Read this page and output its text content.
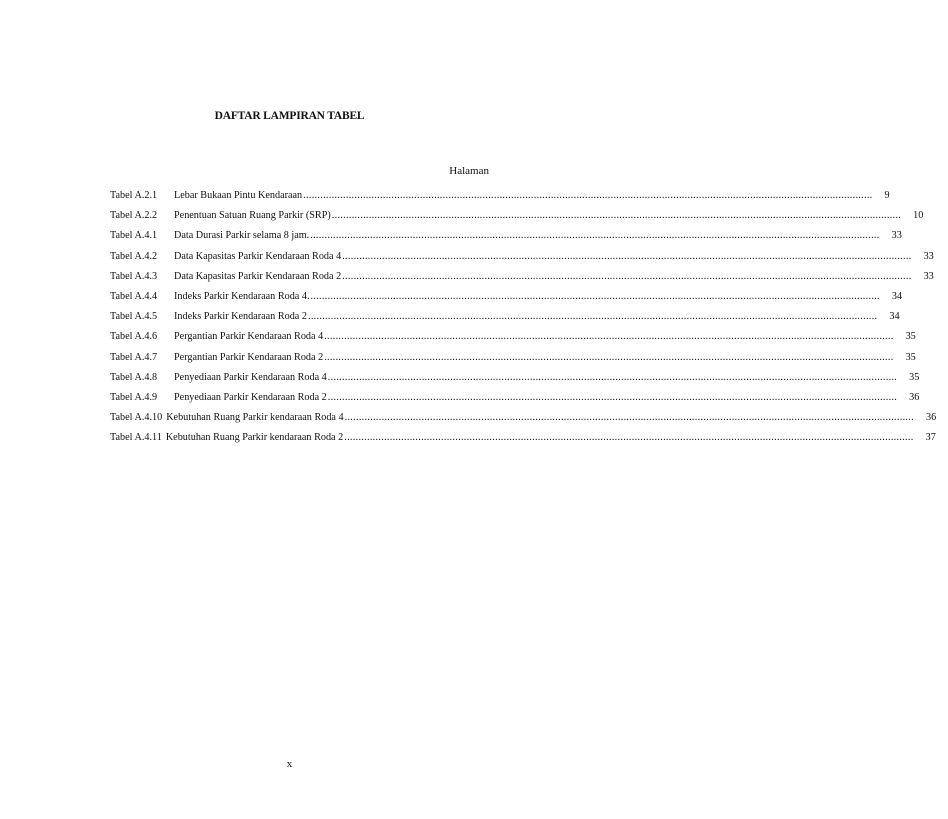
DAFTAR LAMPIRAN TABEL
Halaman
Tabel A.2.1	Lebar Bukaan Pintu Kendaraan ........................................................................................................................................................................................................	9
Tabel A.2.2	Penentuan Satuan Ruang Parkir (SRP) ........................................................................................................................................................................................................	10
Tabel A.4.1	Data Durasi Parkir selama 8 jam. ........................................................................................................................................................................................................	33
Tabel A.4.2	Data Kapasitas Parkir Kendaraan Roda 4 ........................................................................................................................................................................................................	33
Tabel A.4.3	Data Kapasitas Parkir Kendaraan Roda 2 ........................................................................................................................................................................................................	33
Tabel A.4.4	Indeks Parkir Kendaraan Roda 4. ........................................................................................................................................................................................................	34
Tabel A.4.5	Indeks Parkir Kendaraan Roda 2 ........................................................................................................................................................................................................	34
Tabel A.4.6	Pergantian Parkir Kendaraan Roda 4 ........................................................................................................................................................................................................	35
Tabel A.4.7	Pergantian Parkir Kendaraan Roda 2 ........................................................................................................................................................................................................	35
Tabel A.4.8	Penyediaan Parkir Kendaraan Roda 4 ........................................................................................................................................................................................................	35
Tabel A.4.9	Penyediaan Parkir Kendaraan Roda 2 ........................................................................................................................................................................................................	36
Tabel A.4.10 Kebutuhan Ruang Parkir kendaraan Roda 4 ........................................................................................................................................................................................................	36
Tabel A.4.11 Kebutuhan Ruang Parkir kendaraan Roda 2 ........................................................................................................................................................................................................	37
x
